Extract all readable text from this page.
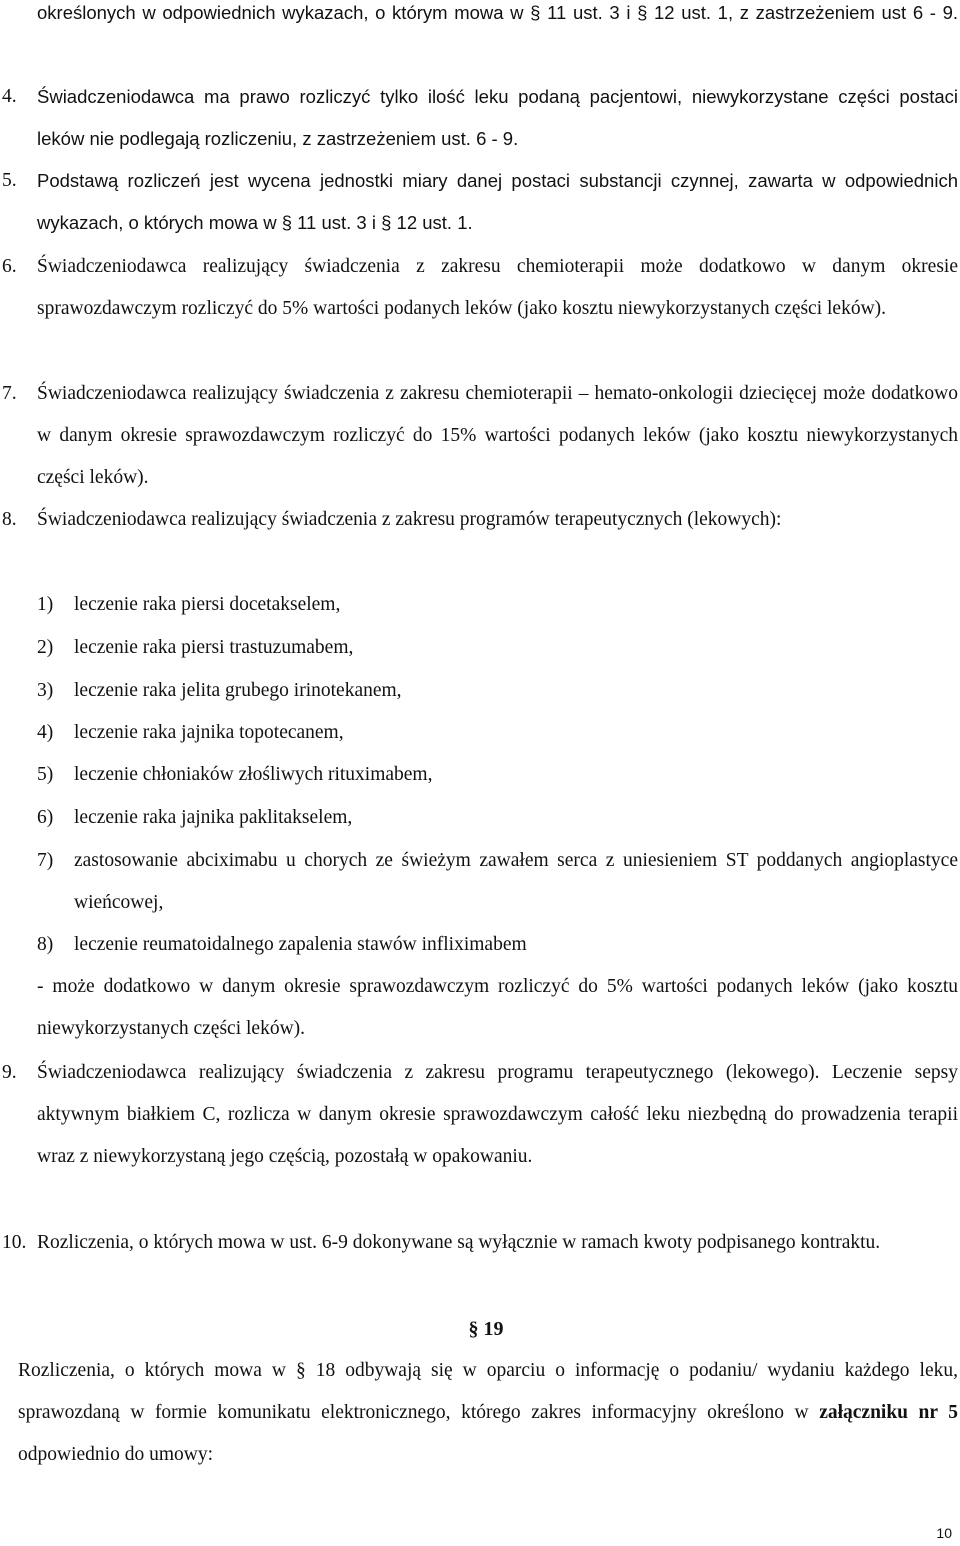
określonych w odpowiednich wykazach, o którym mowa w § 11 ust. 3 i § 12 ust. 1, z zastrzeżeniem ust 6 - 9.
4. Świadczeniodawca ma prawo rozliczyć tylko ilość leku podaną pacjentowi, niewykorzystane części postaci leków nie podlegają rozliczeniu, z zastrzeżeniem ust. 6 - 9.
5. Podstawą rozliczeń jest wycena jednostki miary danej postaci substancji czynnej, zawarta w odpowiednich wykazach, o których mowa w § 11 ust. 3 i § 12 ust. 1.
6. Świadczeniodawca realizujący świadczenia z zakresu chemioterapii może dodatkowo w danym okresie sprawozdawczym rozliczyć do 5% wartości podanych leków (jako kosztu niewykorzystanych części leków).
7. Świadczeniodawca realizujący świadczenia z zakresu chemioterapii – hemato-onkologii dziecięcej może dodatkowo w danym okresie sprawozdawczym rozliczyć do 15% wartości podanych leków (jako kosztu niewykorzystanych części leków).
8. Świadczeniodawca realizujący świadczenia z zakresu programów terapeutycznych (lekowych):
1) leczenie raka piersi docetakselem,
2) leczenie raka piersi trastuzumabem,
3) leczenie raka jelita grubego irinotekanem,
4) leczenie raka jajnika topotecanem,
5) leczenie chłoniaków złośliwych rituximabem,
6) leczenie raka jajnika paklitakselem,
7) zastosowanie abciximabu u chorych ze świeżym zawałem serca z uniesieniem ST poddanych angioplastyce wieńcowej,
8) leczenie reumatoidalnego zapalenia stawów infliximabem
- może dodatkowo w danym okresie sprawozdawczym rozliczyć do 5% wartości podanych leków (jako kosztu niewykorzystanych części leków).
9. Świadczeniodawca realizujący świadczenia z zakresu programu terapeutycznego (lekowego). Leczenie sepsy aktywnym białkiem C, rozlicza w danym okresie sprawozdawczym całość leku niezbędną do prowadzenia terapii wraz z niewykorzystaną jego częścią, pozostałą w opakowaniu.
10. Rozliczenia, o których mowa w ust. 6-9 dokonywane są wyłącznie w ramach kwoty podpisanego kontraktu.
§ 19
Rozliczenia, o których mowa w § 18 odbywają się w oparciu o informację o podaniu/ wydaniu każdego leku, sprawozdaną w formie komunikatu elektronicznego, którego zakres informacyjny określono w załączniku nr 5 odpowiednio do umowy:
10
